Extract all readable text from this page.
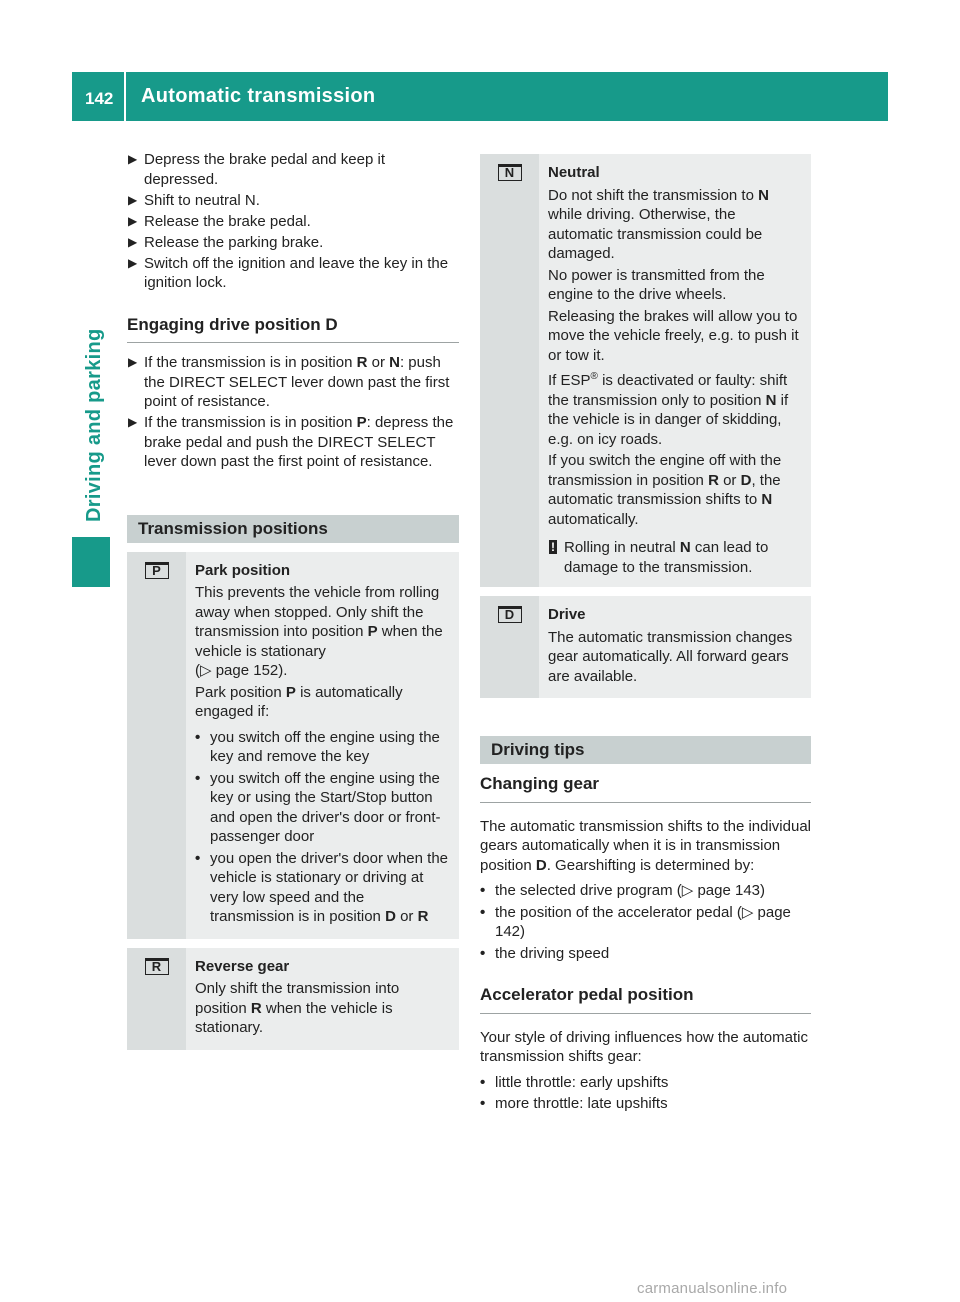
142 Automatic transmission
Driving and parking
▶ Depress the brake pedal and keep it depressed.
▶ Shift to neutral N.
▶ Release the brake pedal.
▶ Release the parking brake.
▶ Switch off the ignition and leave the key in the ignition lock.
Engaging drive position D
▶ If the transmission is in position R or N: push the DIRECT SELECT lever down past the first point of resistance.
▶ If the transmission is in position P: depress the brake pedal and push the DIRECT SELECT lever down past the first point of resistance.
Transmission positions
P	Park position

This prevents the vehicle from rolling away when stopped. Only shift the transmission into position P when the vehicle is stationary
(▷ page 152).

Park position P is automatically engaged if:

• you switch off the engine using the key and remove the key
• you switch off the engine using the key or using the Start/Stop button and open the driver's door or front-passenger door
• you open the driver's door when the vehicle is stationary or driving at very low speed and the transmission is in position D or R
R	Reverse gear

Only shift the transmission into position R when the vehicle is stationary.

N	Neutral

Do not shift the transmission to N while driving. Otherwise, the automatic transmission could be damaged.

No power is transmitted from the engine to the drive wheels.

Releasing the brakes will allow you to move the vehicle freely, e.g. to push it or tow it.

If ESP® is deactivated or faulty: shift the transmission only to position N if the vehicle is in danger of skidding, e.g. on icy roads.

If you switch the engine off with the transmission in position R or D, the automatic transmission shifts to N automatically.

! Rolling in neutral N can lead to damage to the transmission.
D	Drive

The automatic transmission changes gear automatically. All forward gears are available.

Driving tips
Changing gear

The automatic transmission shifts to the individual gears automatically when it is in transmission position D. Gearshifting is determined by:

• the selected drive program (▷ page 143)
• the position of the accelerator pedal (▷ page 142)
• the driving speed
Accelerator pedal position

Your style of driving influences how the automatic transmission shifts gear:

• little throttle: early upshifts
• more throttle: late upshifts
carmanualsonline.info
